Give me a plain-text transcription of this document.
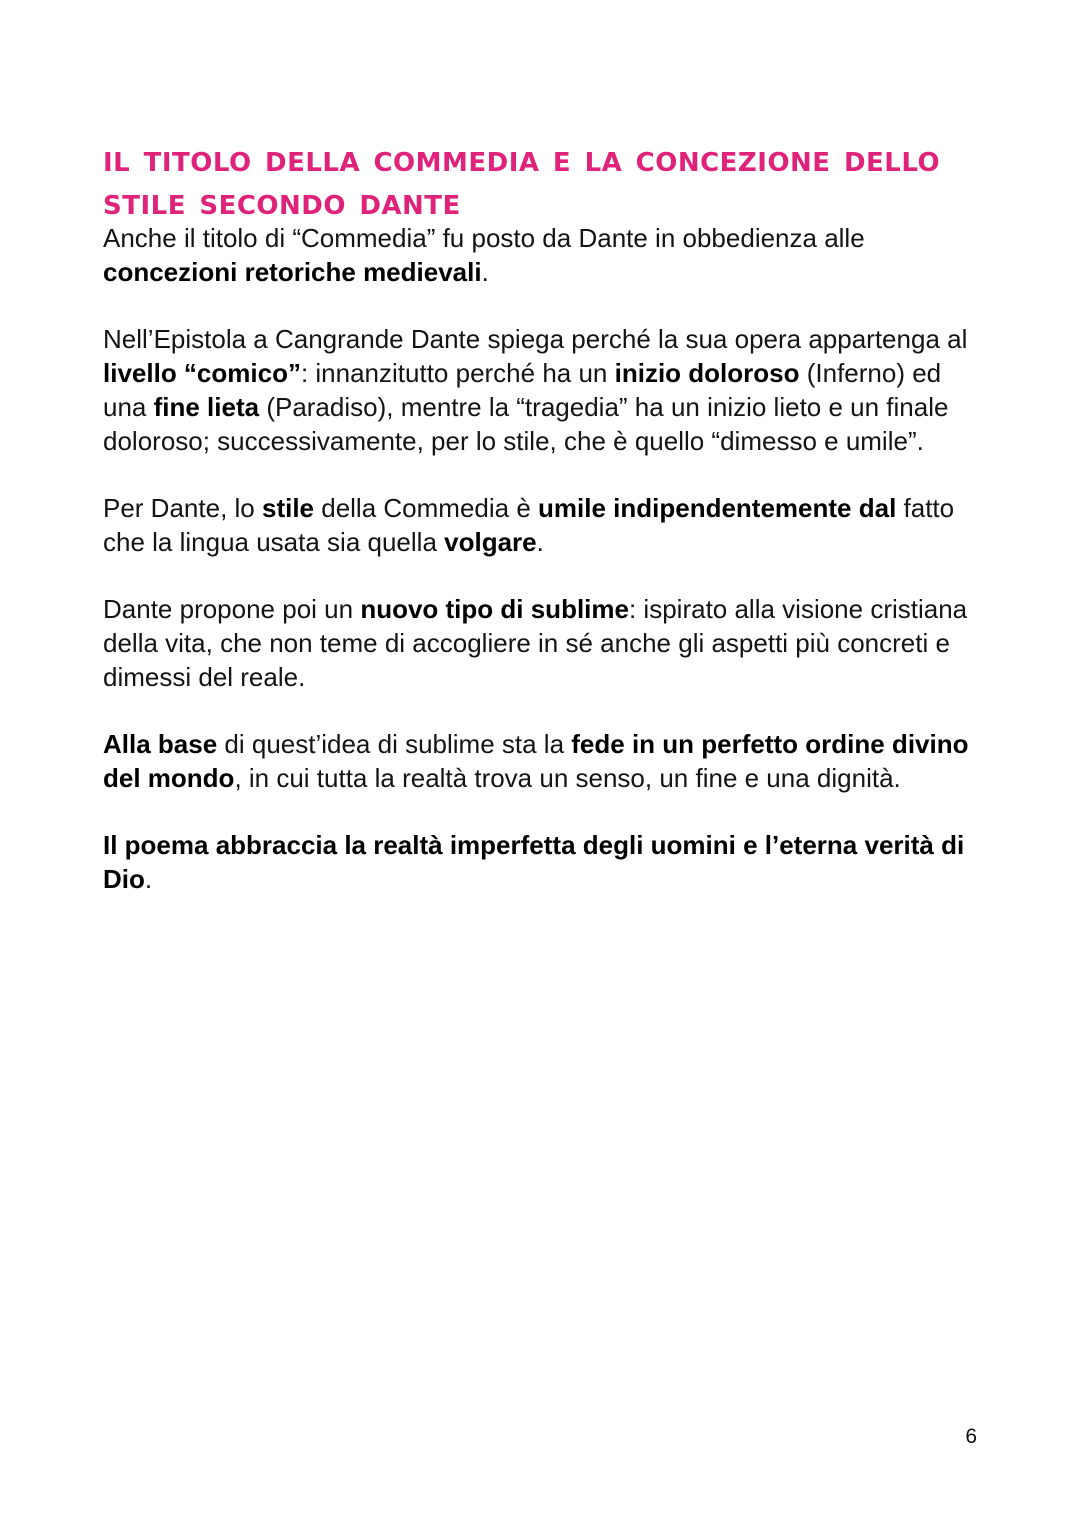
il titolo della commedia e la concezione dello stile secondo dante

Anche il titolo di “Commedia” fu posto da Dante in obbedienza alle concezioni retoriche medievali.

Nell’Epistola a Cangrande Dante spiega perché la sua opera appartenga al livello “comico”: innanzitutto perché ha un inizio doloroso (Inferno) ed una fine lieta (Paradiso), mentre la “tragedia” ha un inizio lieto e un finale doloroso; successivamente, per lo stile, che è quello “dimesso e umile”.

Per Dante, lo stile della Commedia è umile indipendentemente dal fatto che la lingua usata sia quella volgare.

Dante propone poi un nuovo tipo di sublime: ispirato alla visione cristiana della vita, che non teme di accogliere in sé anche gli aspetti più concreti e dimessi del reale.

Alla base di quest’idea di sublime sta la fede in un perfetto ordine divino del mondo, in cui tutta la realtà trova un senso, un fine e una dignità.

Il poema abbraccia la realtà imperfetta degli uomini e l’eterna verità di Dio.

6
